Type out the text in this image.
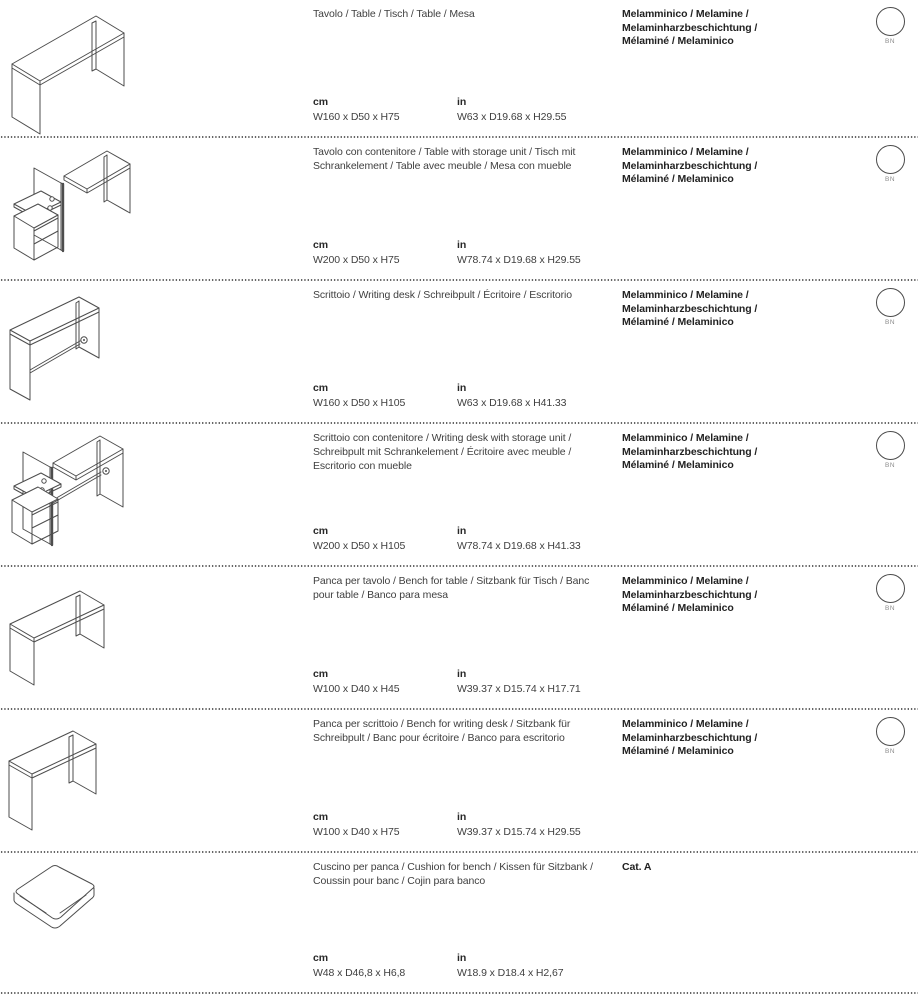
Tavolo / Table / Tisch / Table / Mesa	Melamminico / Melamine / Melaminharzbeschichtung / Mélaminé / Melaminico	BN
cm
W160 x D50 x H75
in
W63 x D19.68 x H29.55
Tavolo con contenitore / Table with storage unit / Tisch mit Schrankelement / Table avec meuble / Mesa con mueble
Melamminico / Melamine / Melaminharzbeschichtung / Mélaminé / Melaminico	BN
cm
W200 x D50 x H75
in
W78.74 x D19.68 x H29.55
Scrittoio / Writing desk / Schreibpult / Écritoire / Escritorio	Melamminico / Melamine / Melaminharzbeschichtung / Mélaminé / Melaminico	BN
cm
W160 x D50 x H105
in
W63 x D19.68 x H41.33
Scrittoio con contenitore / Writing desk with storage unit / Schreibpult mit Schrankelement / Écritoire avec meuble / Escritorio con mueble
Melamminico / Melamine / Melaminharzbeschichtung / Mélaminé / Melaminico	BN
cm
W200 x D50 x H105
in
W78.74 x D19.68 x H41.33
Panca per tavolo / Bench for table / Sitzbank für Tisch / Banc pour table / Banco para mesa
Melamminico / Melamine / Melaminharzbeschichtung / Mélaminé / Melaminico	BN
cm
W100 x D40 x H45
in
W39.37 x D15.74 x H17.71
Panca per scrittoio / Bench for writing desk / Sitzbank für Schreibpult / Banc pour écritoire / Banco para escritorio
Melamminico / Melamine / Melaminharzbeschichtung / Mélaminé / Melaminico	BN
cm
W100 x D40 x H75
in
W39.37 x D15.74 x H29.55
Cuscino per panca / Cushion for bench / Kissen für Sitzbank / Coussin pour banc / Cojin para banco
Cat. A
cm
W48 x D46,8 x H6,8
in
W18.9 x D18.4 x H2,67
